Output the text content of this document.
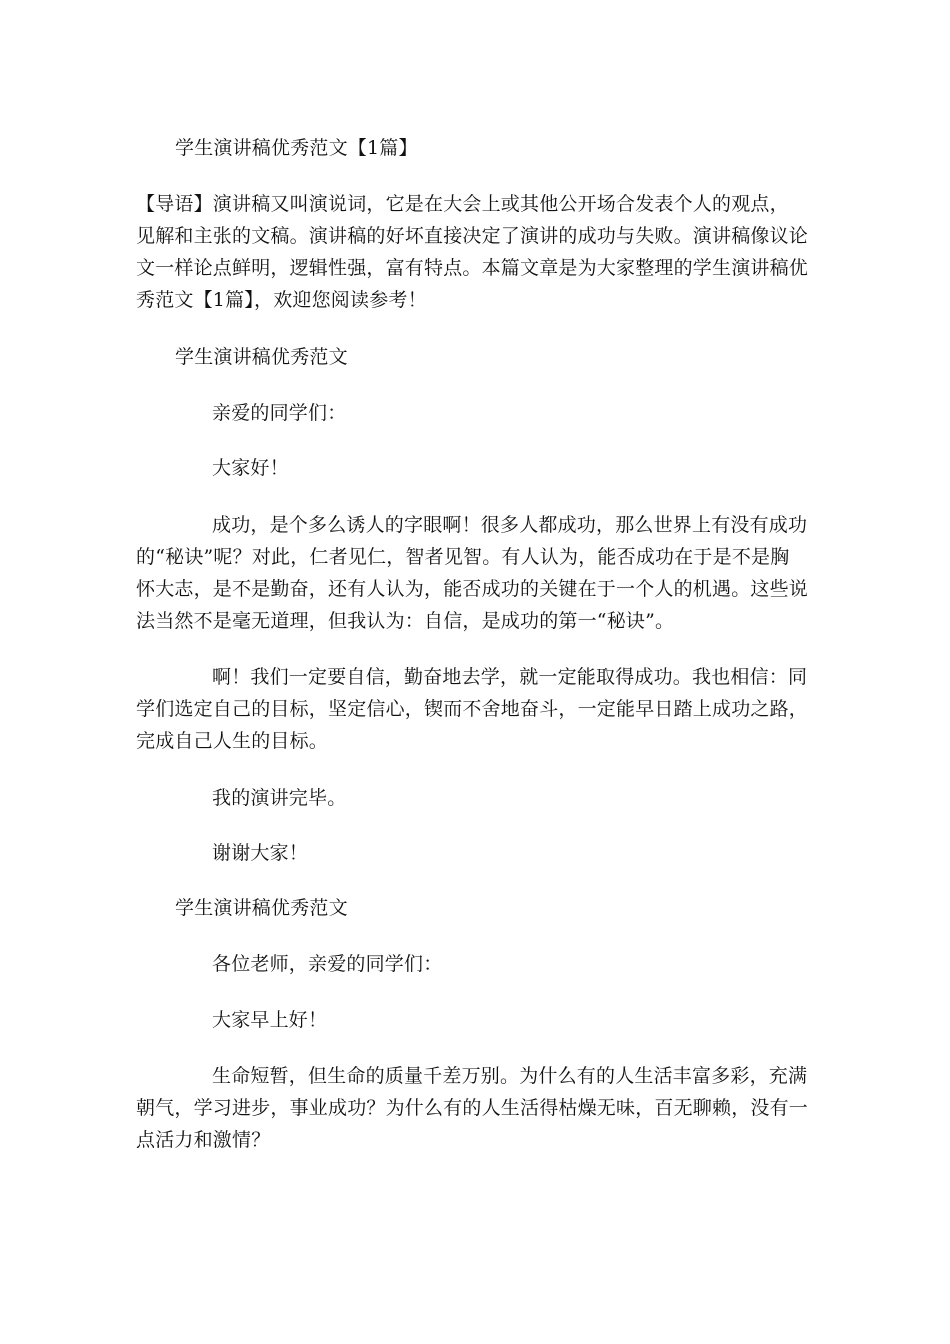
学生演讲稿优秀范文【1篇】

【导语】演讲稿又叫演说词，它是在大会上或其他公开场合发表个人的观点，

见解和主张的文稿。演讲稿的好坏直接决定了演讲的成功与失败。演讲稿像议论

文一样论点鲜明，逻辑性强，富有特点。本篇文章是为大家整理的学生演讲稿优

秀范文【1篇】，欢迎您阅读参考！

学生演讲稿优秀范文

亲爱的同学们：

大家好！

成功，是个多么诱人的字眼啊！很多人都成功，那么世界上有没有成功

的“秘诀”呢？对此，仁者见仁，智者见智。有人认为，能否成功在于是不是胸

怀大志，是不是勤奋，还有人认为，能否成功的关键在于一个人的机遇。这些说

法当然不是毫无道理，但我认为：自信，是成功的第一“秘诀”。

啊！我们一定要自信，勤奋地去学，就一定能取得成功。我也相信：同

学们选定自己的目标，坚定信心，锲而不舍地奋斗，一定能早日踏上成功之路，

完成自己人生的目标。

我的演讲完毕。

谢谢大家！

学生演讲稿优秀范文

各位老师，亲爱的同学们：

大家早上好！

生命短暂，但生命的质量千差万别。为什么有的人生活丰富多彩，充满

朝气，学习进步，事业成功？为什么有的人生活得枯燥无味，百无聊赖，没有一

点活力和激情？
